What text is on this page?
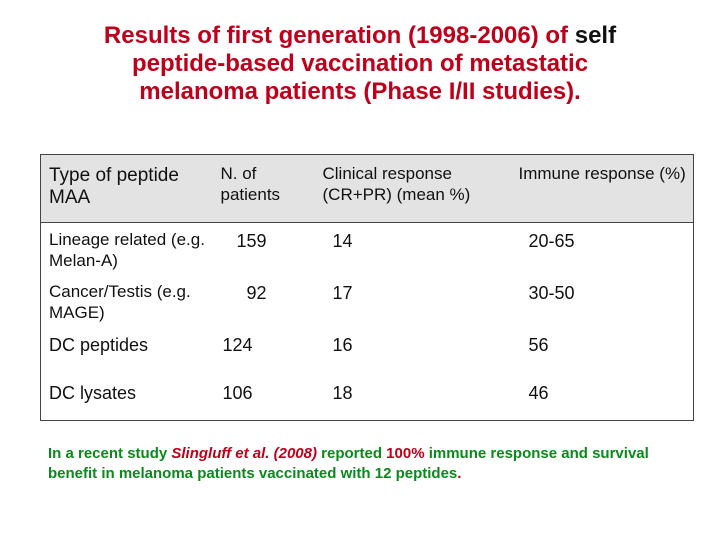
Results of first generation (1998-2006) of self
peptide-based vaccination of metastatic
melanoma patients (Phase I/II studies).
Type of peptide MAA	N. of patients	Clinical response (CR+PR) (mean %)	Immune response (%)
Lineage related (e.g. Melan-A)	159	14	20-65
Cancer/Testis (e.g. MAGE)	92	17	30-50
DC peptides	124	16	56
DC lysates	106	18	46
In a recent study Slingluff et al. (2008) reported 100% immune response and survival benefit in melanoma patients vaccinated with 12 peptides.
